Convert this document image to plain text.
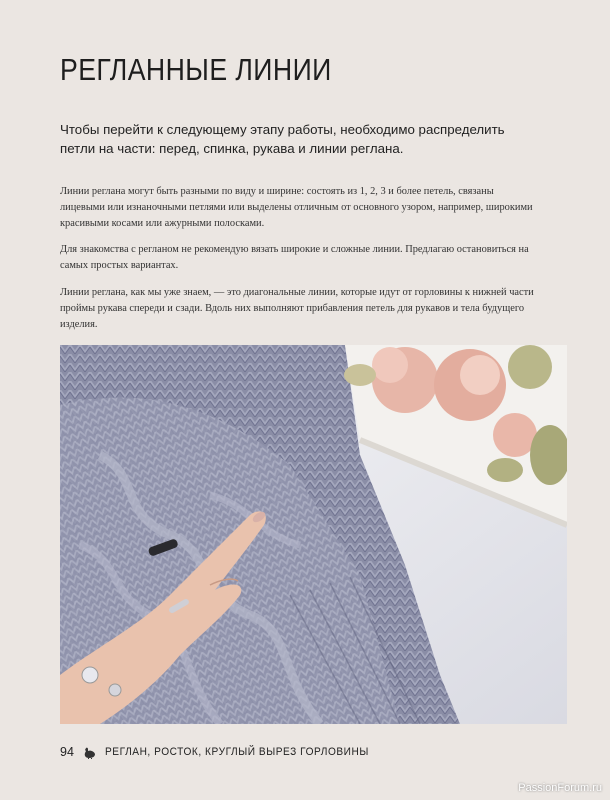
РЕГЛАННЫЕ ЛИНИИ
Чтобы перейти к следующему этапу работы, необходимо распределить петли на части: перед, спинка, рукава и линии реглана.

Линии реглана могут быть разными по виду и ширине: состоять из 1, 2, 3 и более петель, связаны лицевыми или изнаночными петлями или выделены отличным от основного узором, например, широкими красивыми косами или ажурными полосками.

Для знакомства с регланом не рекомендую вязать широкие и сложные линии. Предлагаю остановиться на самых простых вариантах.

Линии реглана, как мы уже знаем, — это диагональные линии, которые идут от горловины к нижней части проймы рукава спереди и сзади. Вдоль них выполняют прибавления петель для рукавов и тела будущего изделия.

94	РЕГЛАН, РОСТОК, КРУГЛЫЙ ВЫРЕЗ ГОРЛОВИНЫ
PassionForum.ru
